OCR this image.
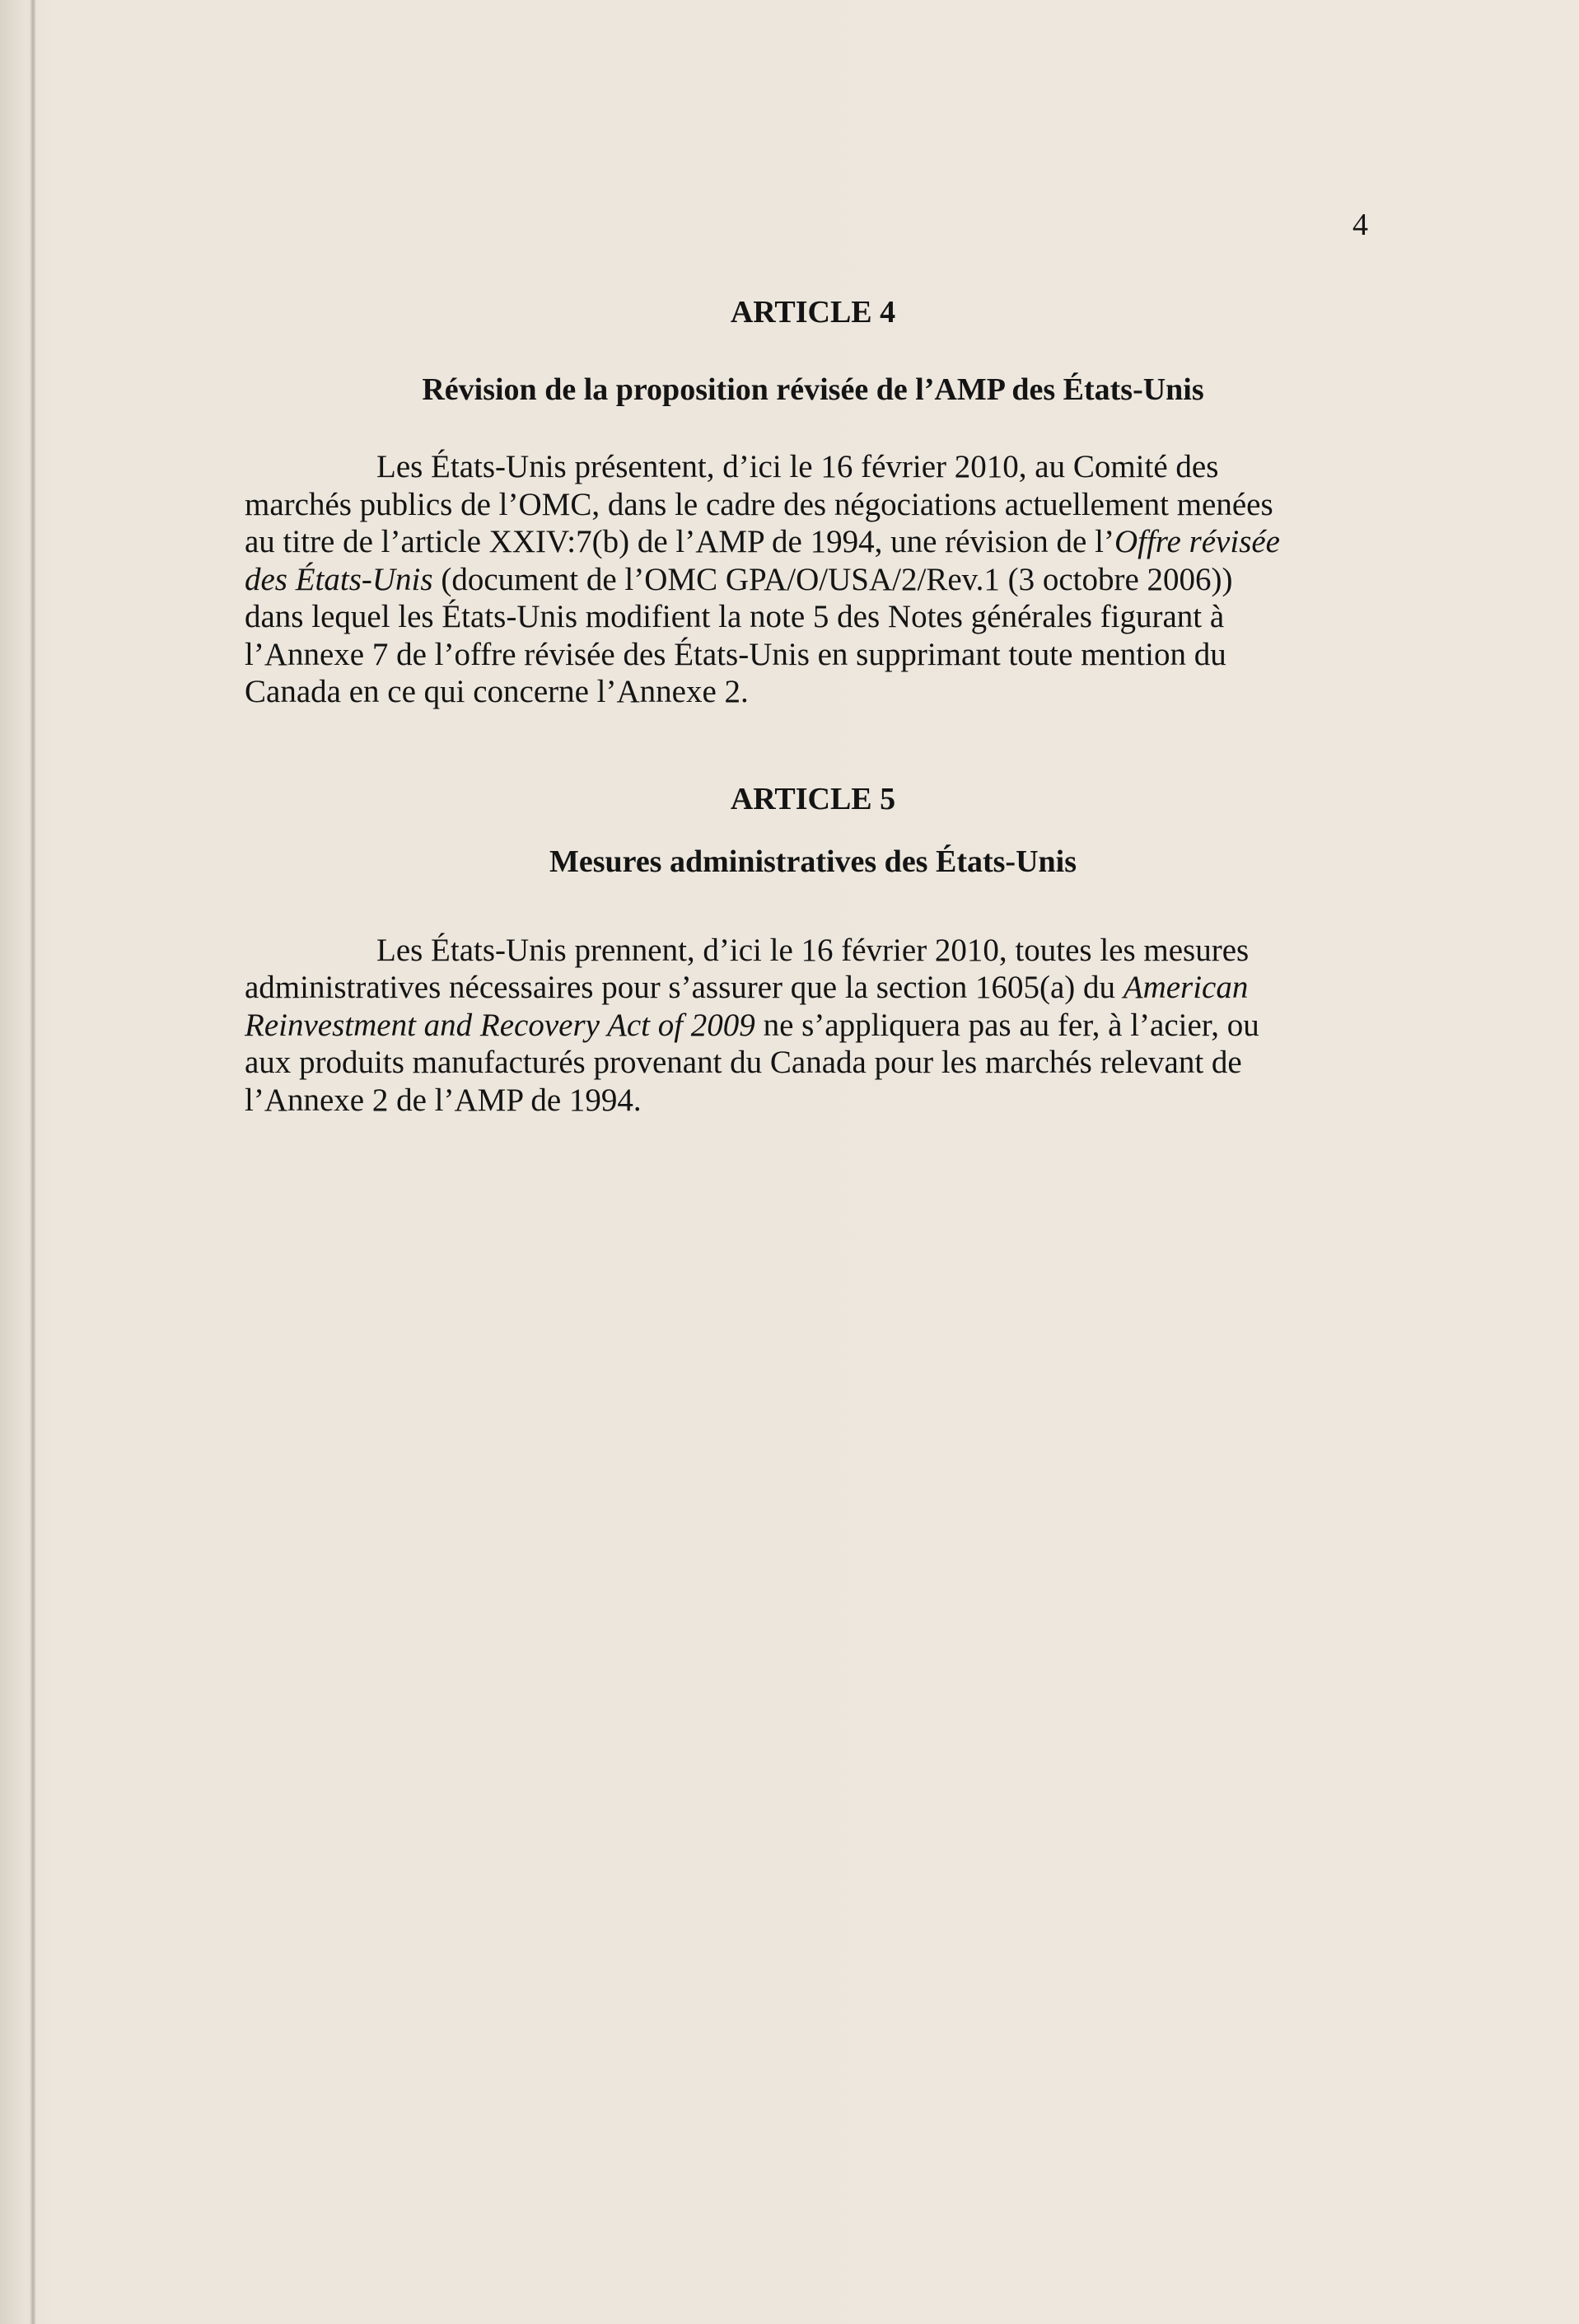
4
ARTICLE 4
Révision de la proposition révisée de l’AMP des États-Unis

Les États-Unis présentent, d’ici le 16 février 2010, au Comité des
marchés publics de l’OMC, dans le cadre des négociations actuellement menées
au titre de l’article XXIV:7(b) de l’AMP de 1994, une révision de l’Offre révisée
des États-Unis (document de l’OMC GPA/O/USA/2/Rev.1 (3 octobre 2006))
dans lequel les États-Unis modifient la note 5 des Notes générales figurant à
l’Annexe 7 de l’offre révisée des États-Unis en supprimant toute mention du
Canada en ce qui concerne l’Annexe 2.

ARTICLE 5
Mesures administratives des États-Unis

Les États-Unis prennent, d’ici le 16 février 2010, toutes les mesures
administratives nécessaires pour s’assurer que la section 1605(a) du American
Reinvestment and Recovery Act of 2009 ne s’appliquera pas au fer, à l’acier, ou
aux produits manufacturés provenant du Canada pour les marchés relevant de
l’Annexe 2 de l’AMP de 1994.
